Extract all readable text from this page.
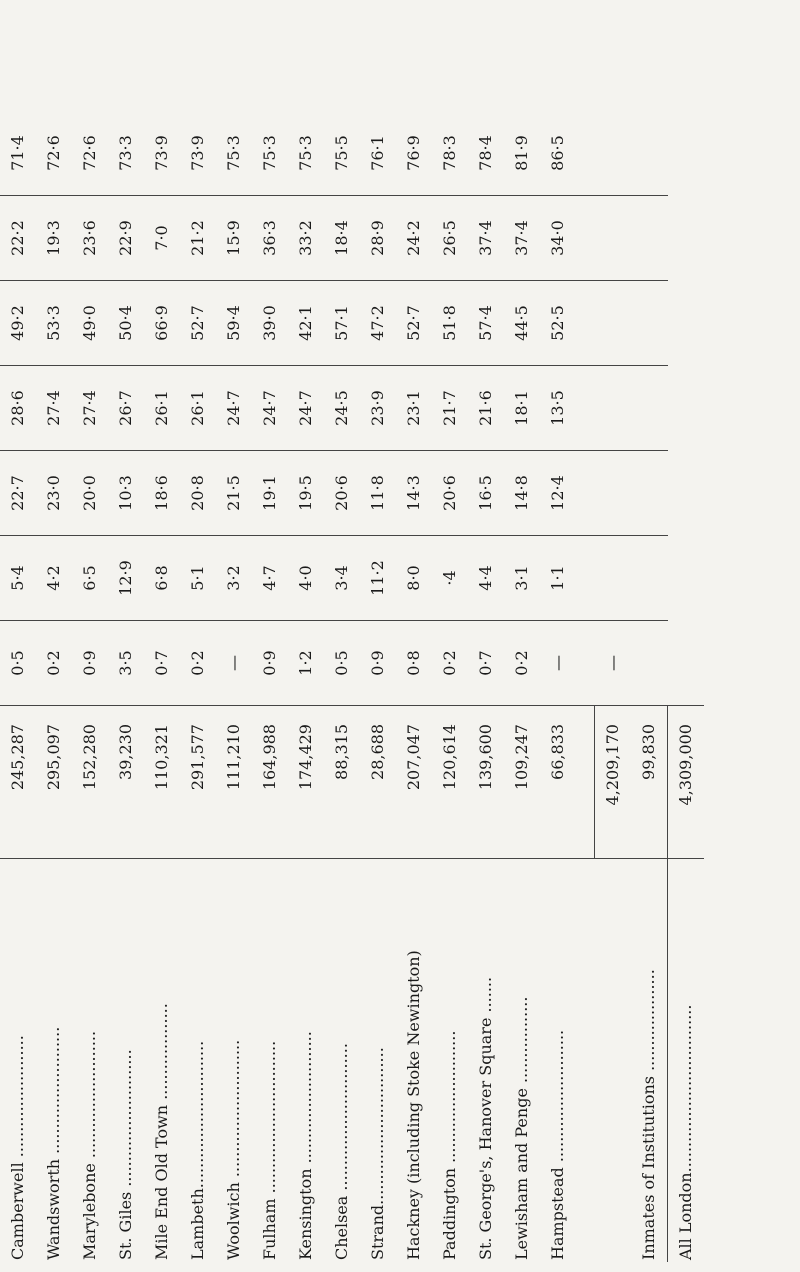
Camberwell ........................	245,287	0·5	5·4	22·7	28·6	49·2	22·2	71·4
Wandsworth .........................	295,097	0·2	4·2	23·0	27·4	53·3	19·3	72·6
Marylebone .........................	152,280	0·9	6·5	20·0	27·4	49·0	23·6	72·6
St. Giles ...........................	39,230	3·5	12·9	10·3	26·7	50·4	22·9	73·3
Mile End Old Town ...................	110,321	0·7	6·8	18·6	26·1	66·9	7·0	73·9
Lambeth.............................	291,577	0·2	5·1	20·8	26·1	52·7	21·2	73·9
Woolwich ...........................	111,210	—	3·2	21·5	24·7	59·4	15·9	75·3
Fulham ..............................	164,988	0·9	4·7	19·1	24·7	39·0	36·3	75·3
Kensington ..........................	174,429	1·2	4·0	19·5	24·7	42·1	33·2	75·3
Chelsea .............................	88,315	0·5	3·4	20·6	24·5	57·1	18·4	75·5
Strand...............................	28,688	0·9	11·2	11·8	23·9	47·2	28·9	76·1
Hackney (including Stoke Newington)	207,047	0·8	8·0	14·3	23·1	52·7	24·2	76·9
Paddington ..........................	120,614	0·2	·4	20·6	21·7	51·8	26·5	78·3
St. George's, Hanover Square .......	139,600	0·7	4·4	16·5	21·6	57·4	37·4	78·4
Lewisham and Penge .................	109,247	0·2	3·1	14·8	18·1	44·5	37·4	81·9
Hampstead ..........................	66,833	—	1·1	12·4	13·5	52·5	34·0	86·5

	4,209,170	—						
Inmates of Institutions ....................	99,830							
All London.................................	4,309,000							
